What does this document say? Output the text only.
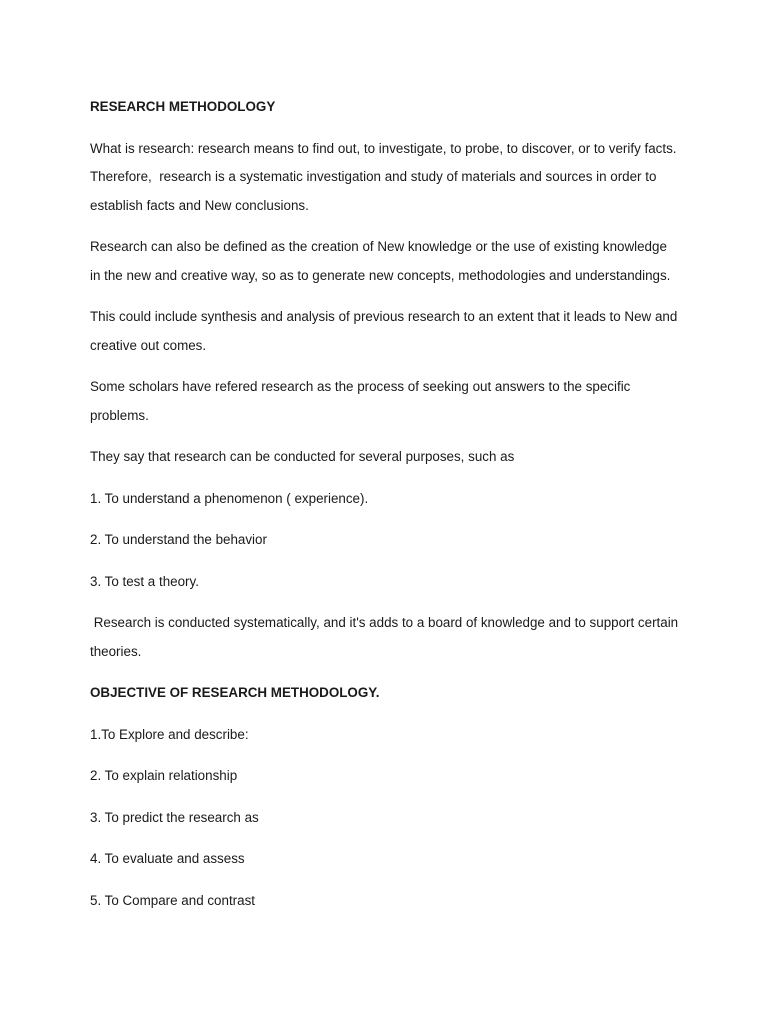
RESEARCH METHODOLOGY

What is research: research means to find out, to investigate, to probe, to discover, or to verify facts. Therefore,  research is a systematic investigation and study of materials and sources in order to establish facts and New conclusions.

Research can also be defined as the creation of New knowledge or the use of existing knowledge in the new and creative way, so as to generate new concepts, methodologies and understandings.

This could include synthesis and analysis of previous research to an extent that it leads to New and creative out comes.

Some scholars have refered research as the process of seeking out answers to the specific problems.

They say that research can be conducted for several purposes, such as

1. To understand a phenomenon ( experience).

2. To understand the behavior

3. To test a theory.

Research is conducted systematically, and it's adds to a board of knowledge and to support certain theories.

OBJECTIVE OF RESEARCH METHODOLOGY.

1.To Explore and describe:

2. To explain relationship

3. To predict the research as

4. To evaluate and assess

5. To Compare and contrast
